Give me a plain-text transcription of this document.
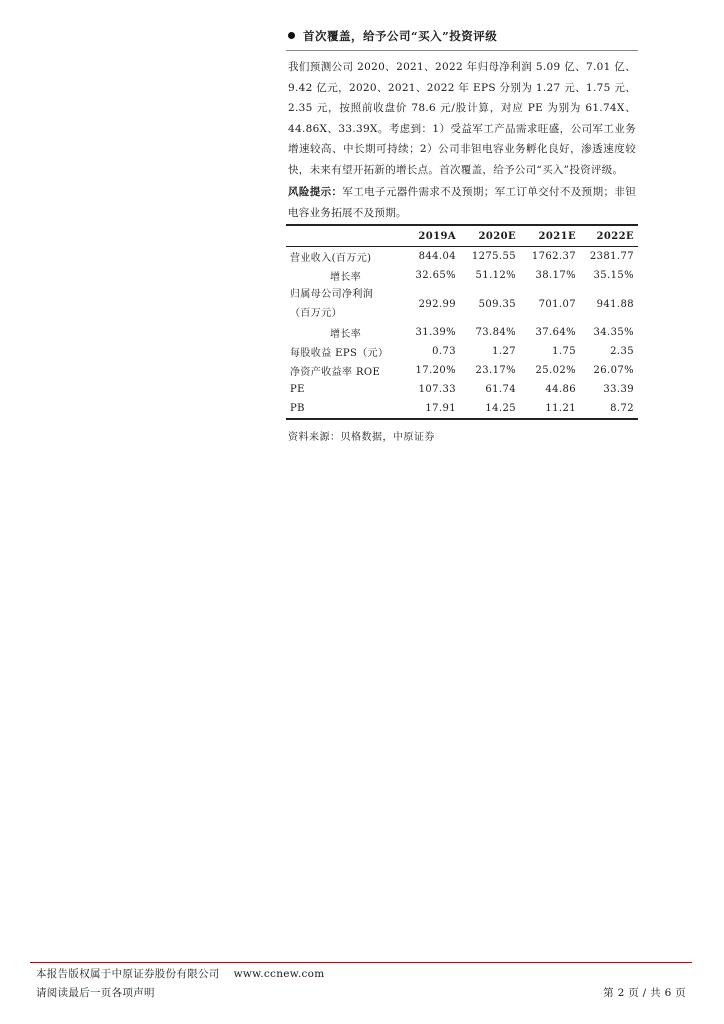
首次覆盖，给予公司“买入”投资评级
我们预测公司 2020、2021、2022 年归母净利润 5.09 亿、7.01 亿、9.42 亿元，2020、2021、2022 年 EPS 分别为 1.27 元、1.75 元、2.35 元，按照前收盘价 78.6 元/股计算，对应 PE 为别为 61.74X、44.86X、33.39X。考虑到：1）受益军工产品需求旺盛，公司军工业务增速较高、中长期可持续；2）公司非钽电容业务孵化良好，渗透速度较快，未来有望开拓新的增长点。首次覆盖，给予公司“买入”投资评级。
风险提示：军工电子元器件需求不及预期；军工订单交付不及预期；非钽电容业务拓展不及预期。
	2019A	2020E	2021E	2022E
营业收入(百万元)	844.04	1275.55	1762.37	2381.77
增长率	32.65%	51.12%	38.17%	35.15%

归属母公司净利润
（百万元）	292.99	509.35	701.07	941.88
增长率	31.39%	73.84%	37.64%	34.35%
每股收益 EPS（元）	0.73	1.27	1.75	2.35
净资产收益率 ROE	17.20%	23.17%	25.02%	26.07%
PE	107.33	61.74	44.86	33.39
PB	17.91	14.25	11.21	8.72
资料来源：贝格数据，中原证券
本报告版权属于中原证券股份有限公司 www.ccnew.com
请阅读最后一页各项声明	第 2 页 / 共 6 页
